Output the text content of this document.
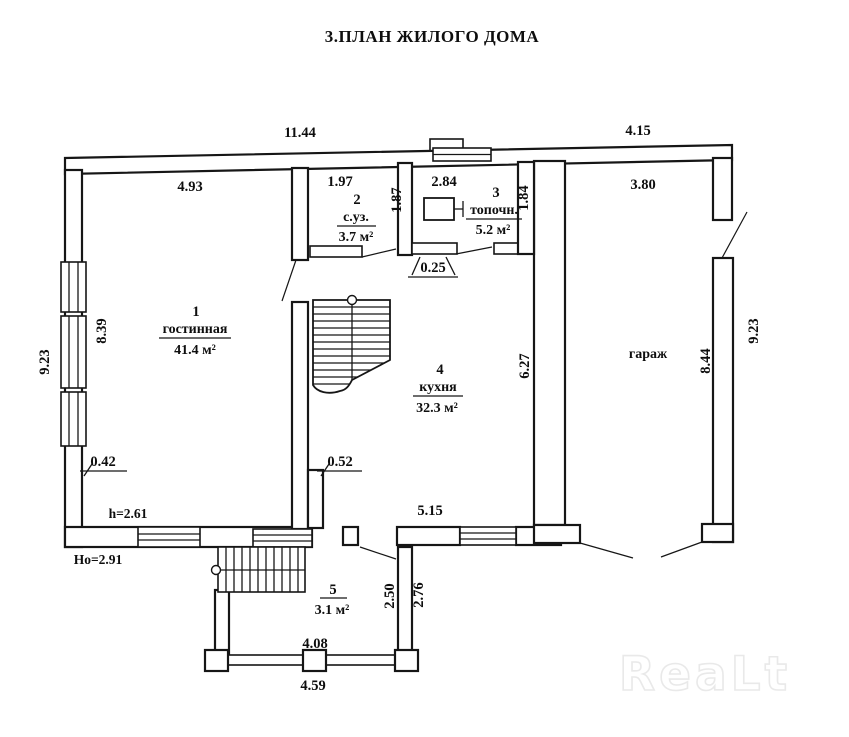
ReaLt
3.ПЛАН ЖИЛОГО ДОМА
1
гостинная
41.4 м²
2
с.уз.
3.7 м²
3
топочн.
5.2 м²
4
кухня
32.3 м²
5
3.1 м²
гараж
11.44	4.15
4.93	1.97	2.84	3.80
0.25
0.42	0.52
5.15
h=2.61
Но=2.91
4.08
4.59
9.23
8.39
1.87	1.84
6.27	8.44
9.23
2.50 2.76
